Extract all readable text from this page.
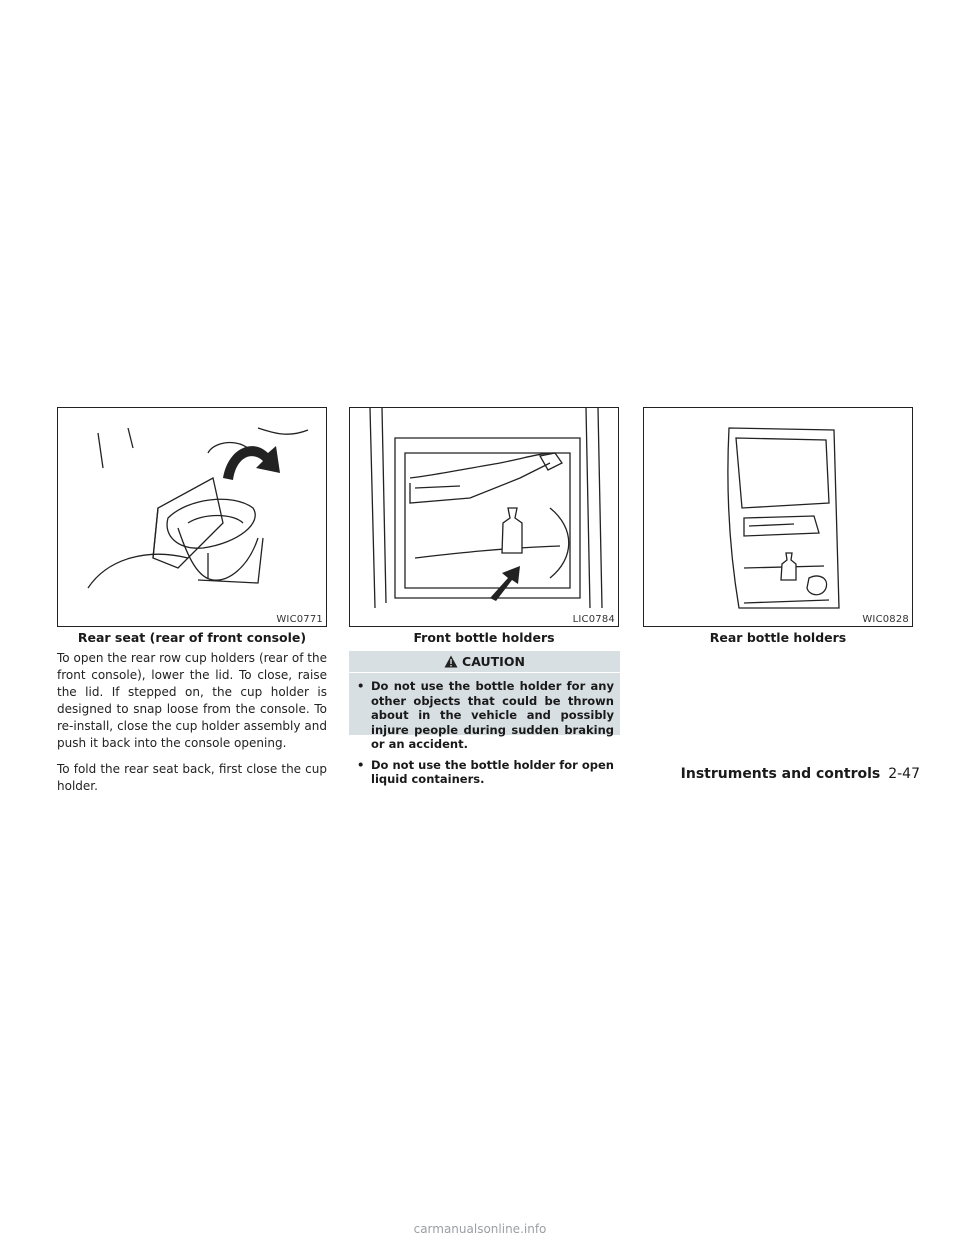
WIC0771
Rear seat (rear of front console)
LIC0784
Front bottle holders
WIC0828
Rear bottle holders

To open the rear row cup holders (rear of the front console), lower the lid. To close, raise the lid. If stepped on, the cup holder is designed to snap loose from the console. To re-install, close the cup holder assembly and push it back into the console opening.

To fold the rear seat back, first close the cup holder.

CAUTION
• Do not use the bottle holder for any other objects that could be thrown about in the vehicle and possibly injure people during sudden braking or an accident.
• Do not use the bottle holder for open liquid containers.	Instruments and controls 2-47
carmanualsonline.info
